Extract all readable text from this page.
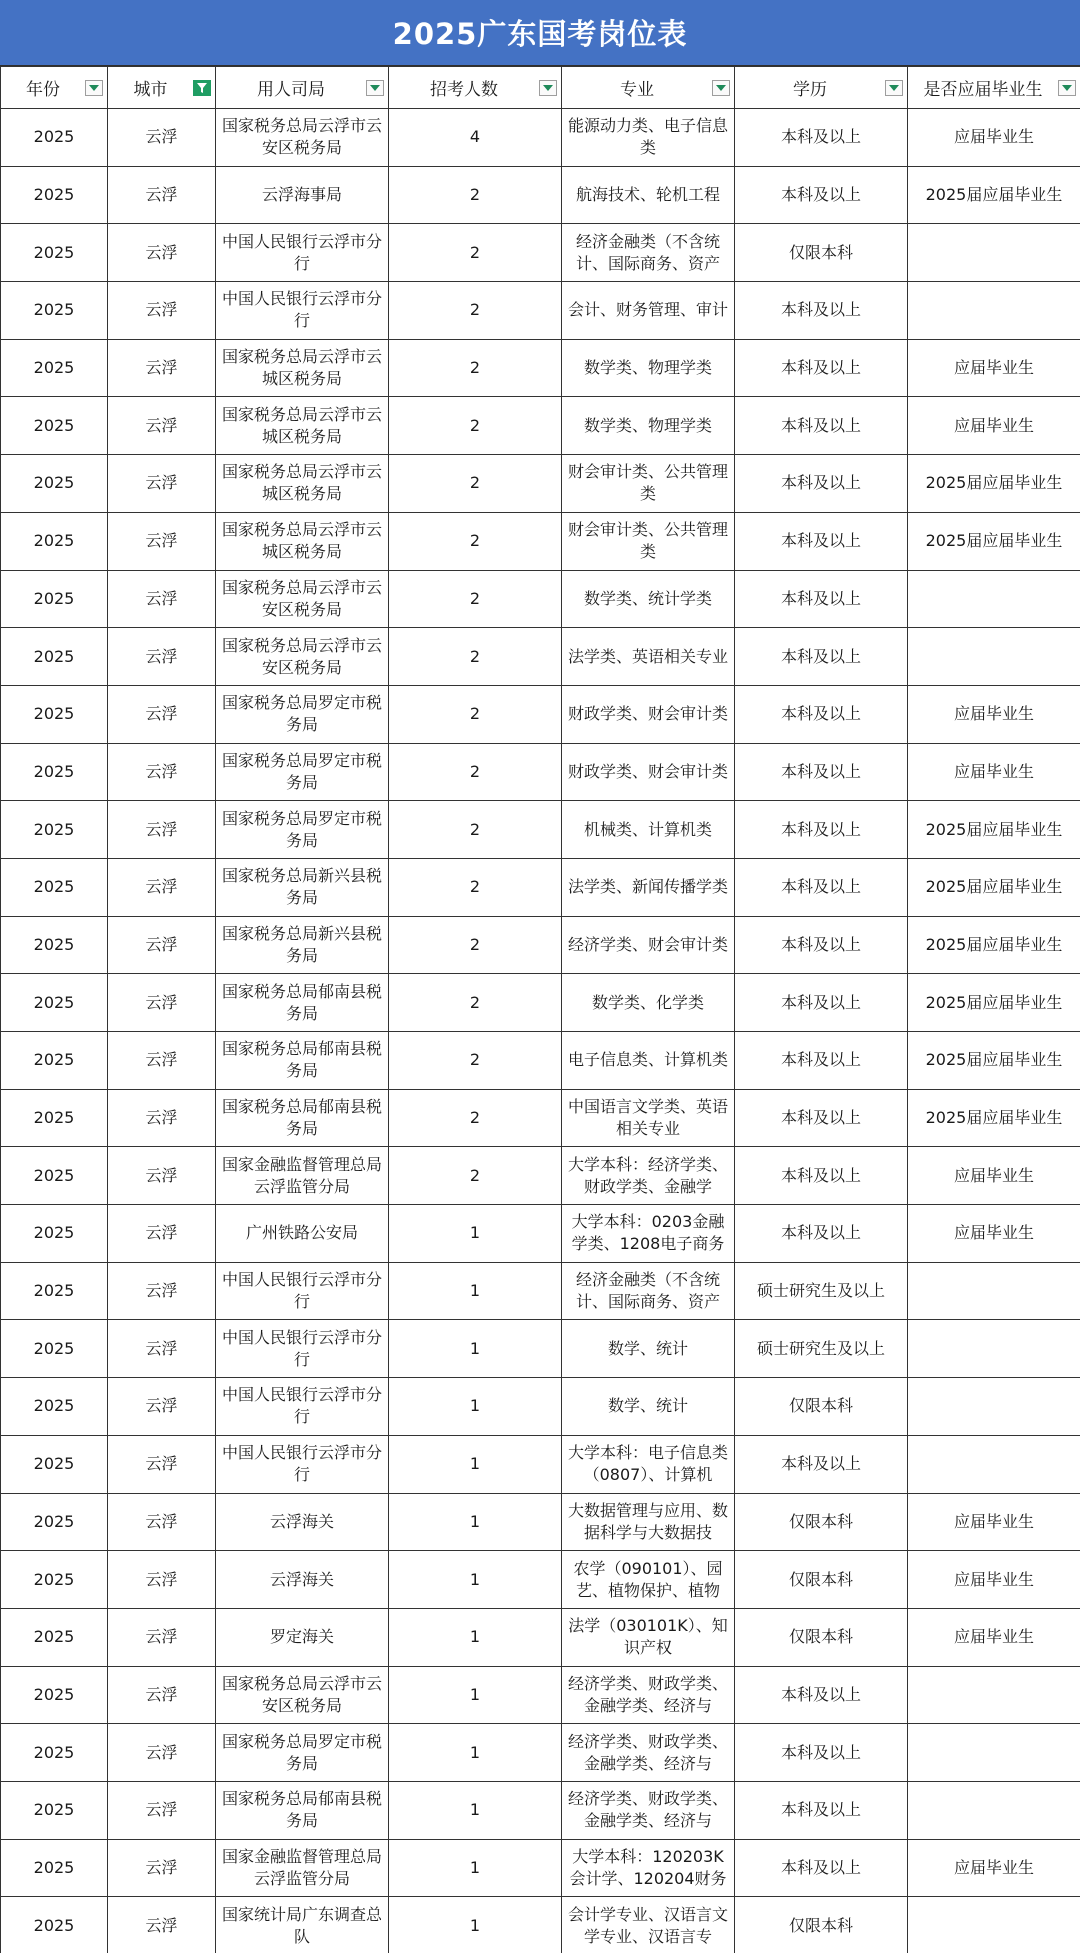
2025广东国考岗位表
年份	城市	用人司局	招考人数	专业	学历	是否应届毕业生

2025	云浮	国家税务总局云浮市云安区税务局	4	能源动力类、电子信息类	本科及以上	应届毕业生
2025	云浮	云浮海事局	2	航海技术、轮机工程	本科及以上	2025届应届毕业生
2025	云浮	中国人民银行云浮市分行	2	经济金融类（不含统计、国际商务、资产	仅限本科	
2025	云浮	中国人民银行云浮市分行	2	会计、财务管理、审计	本科及以上	
2025	云浮	国家税务总局云浮市云城区税务局	2	数学类、物理学类	本科及以上	应届毕业生
2025	云浮	国家税务总局云浮市云城区税务局	2	数学类、物理学类	本科及以上	应届毕业生
2025	云浮	国家税务总局云浮市云城区税务局	2	财会审计类、公共管理类	本科及以上	2025届应届毕业生
2025	云浮	国家税务总局云浮市云城区税务局	2	财会审计类、公共管理类	本科及以上	2025届应届毕业生
2025	云浮	国家税务总局云浮市云安区税务局	2	数学类、统计学类	本科及以上	
2025	云浮	国家税务总局云浮市云安区税务局	2	法学类、英语相关专业	本科及以上	
2025	云浮	国家税务总局罗定市税务局	2	财政学类、财会审计类	本科及以上	应届毕业生
2025	云浮	国家税务总局罗定市税务局	2	财政学类、财会审计类	本科及以上	应届毕业生
2025	云浮	国家税务总局罗定市税务局	2	机械类、计算机类	本科及以上	2025届应届毕业生
2025	云浮	国家税务总局新兴县税务局	2	法学类、新闻传播学类	本科及以上	2025届应届毕业生
2025	云浮	国家税务总局新兴县税务局	2	经济学类、财会审计类	本科及以上	2025届应届毕业生
2025	云浮	国家税务总局郁南县税务局	2	数学类、化学类	本科及以上	2025届应届毕业生
2025	云浮	国家税务总局郁南县税务局	2	电子信息类、计算机类	本科及以上	2025届应届毕业生
2025	云浮	国家税务总局郁南县税务局	2	中国语言文学类、英语相关专业	本科及以上	2025届应届毕业生
2025	云浮	国家金融监督管理总局云浮监管分局	2	大学本科：经济学类、财政学类、金融学	本科及以上	应届毕业生
2025	云浮	广州铁路公安局	1	大学本科：0203金融学类、1208电子商务	本科及以上	应届毕业生
2025	云浮	中国人民银行云浮市分行	1	经济金融类（不含统计、国际商务、资产	硕士研究生及以上	
2025	云浮	中国人民银行云浮市分行	1	数学、统计	硕士研究生及以上	
2025	云浮	中国人民银行云浮市分行	1	数学、统计	仅限本科	
2025	云浮	中国人民银行云浮市分行	1	大学本科：电子信息类（0807）、计算机	本科及以上	
2025	云浮	云浮海关	1	大数据管理与应用、数据科学与大数据技	仅限本科	应届毕业生
2025	云浮	云浮海关	1	农学（090101）、园艺、植物保护、植物	仅限本科	应届毕业生
2025	云浮	罗定海关	1	法学（030101K）、知识产权	仅限本科	应届毕业生
2025	云浮	国家税务总局云浮市云安区税务局	1	经济学类、财政学类、金融学类、经济与	本科及以上	
2025	云浮	国家税务总局罗定市税务局	1	经济学类、财政学类、金融学类、经济与	本科及以上	
2025	云浮	国家税务总局郁南县税务局	1	经济学类、财政学类、金融学类、经济与	本科及以上	
2025	云浮	国家金融监督管理总局云浮监管分局	1	大学本科：120203K会计学、120204财务	本科及以上	应届毕业生
2025	云浮	国家统计局广东调查总队	1	会计学专业、汉语言文学专业、汉语言专	仅限本科	
